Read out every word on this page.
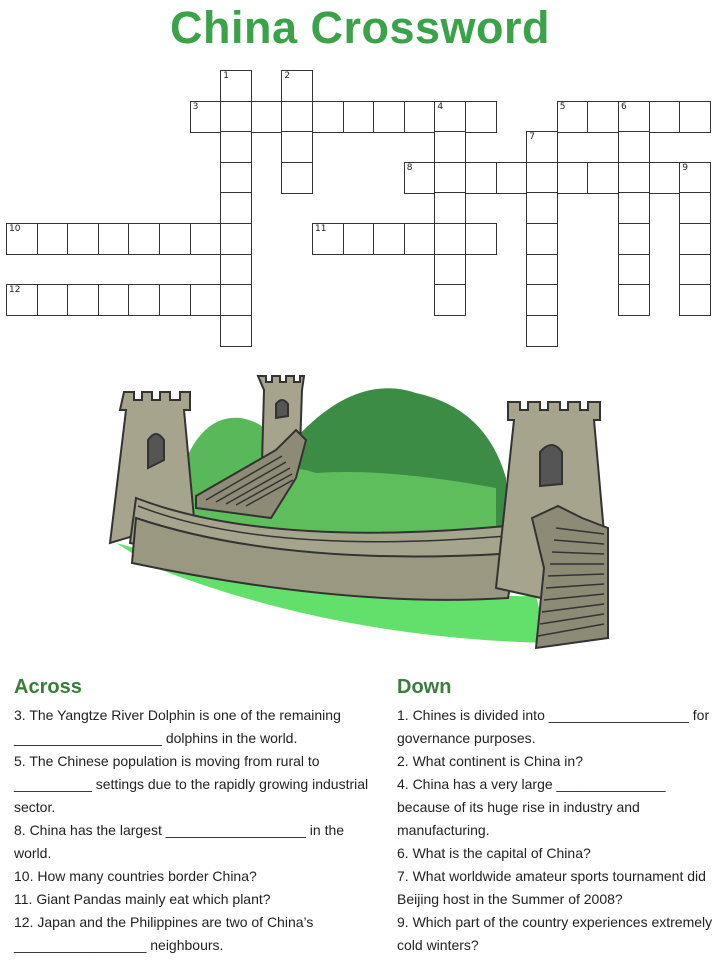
China Crossword
1	2
3	4	5	6
7
8	9
10	11
12
Across
3. The Yangtze River Dolphin is one of the remaining ___________________ dolphins in the world.
5. The Chinese population is moving from rural to __________ settings due to the rapidly growing industrial sector.
8. China has the largest __________________ in the world.
10. How many countries border China?
11. Giant Pandas mainly eat which plant?
12. Japan and the Philippines are two of China’s _________________ neighbours.
Down
1. Chines is divided into __________________ for governance purposes.
2. What continent is China in?
4. China has a very large ______________ because of its huge rise in industry and manufacturing.
6. What is the capital of China?
7. What worldwide amateur sports tournament did Beijing host in the Summer of 2008?
9. Which part of the country experiences extremely cold winters?
